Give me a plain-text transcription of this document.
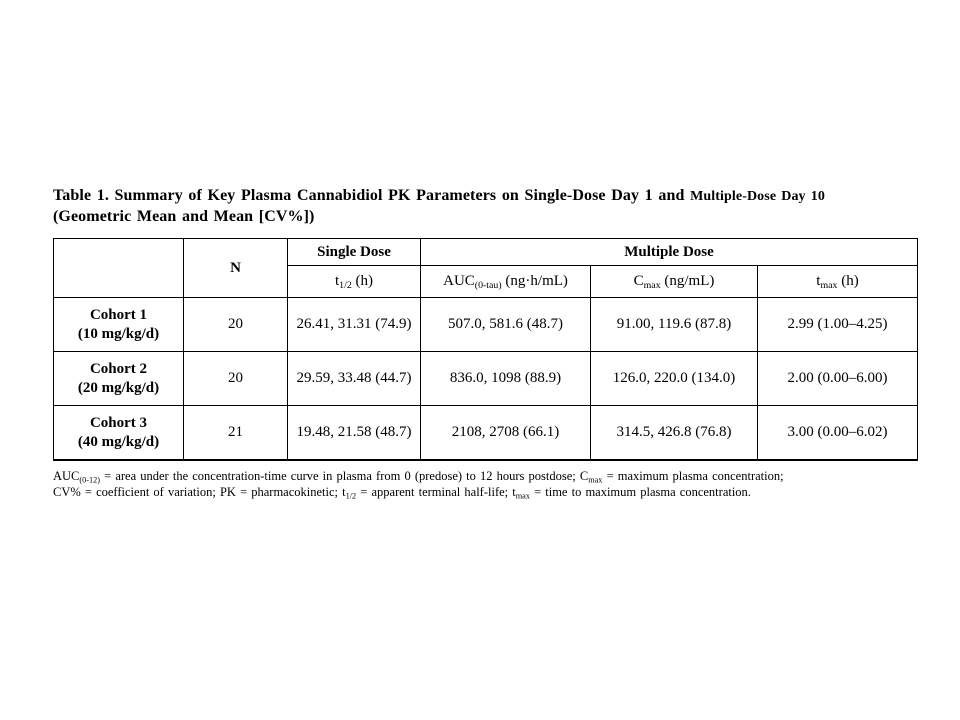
Table 1. Summary of Key Plasma Cannabidiol PK Parameters on Single-Dose Day 1 and Multiple-Dose Day 10
(Geometric Mean and Mean [CV%])
	N	Single Dose	Multiple Dose		
		$t_{1/2}$ (h)	$AUC_{(0-tau)}$ (ng·h/mL)	$C_{max}$ (ng/mL)	$t_{max}$ (h)

Cohort 1
(10 mg/kg/d)	20	26.41, 31.31 (74.9)	507.0, 581.6 (48.7)	91.00, 119.6 (87.8)	2.99 (1.00–4.25)

Cohort 2
(20 mg/kg/d)	20	29.59, 33.48 (44.7)	836.0, 1098 (88.9)	126.0, 220.0 (134.0)	2.00 (0.00–6.00)

Cohort 3
(40 mg/kg/d)	21	19.48, 21.58 (48.7)	2108, 2708 (66.1)	314.5, 426.8 (76.8)	3.00 (0.00–6.02)
$AUC_{(0-12)}$ = area under the concentration-time curve in plasma from 0 (predose) to 12 hours postdose; $C_{max}$ = maximum plasma concentration;
CV% = coefficient of variation; PK = pharmacokinetic; $t_{1/2}$ = apparent terminal half-life; $t_{max}$ = time to maximum plasma concentration.
